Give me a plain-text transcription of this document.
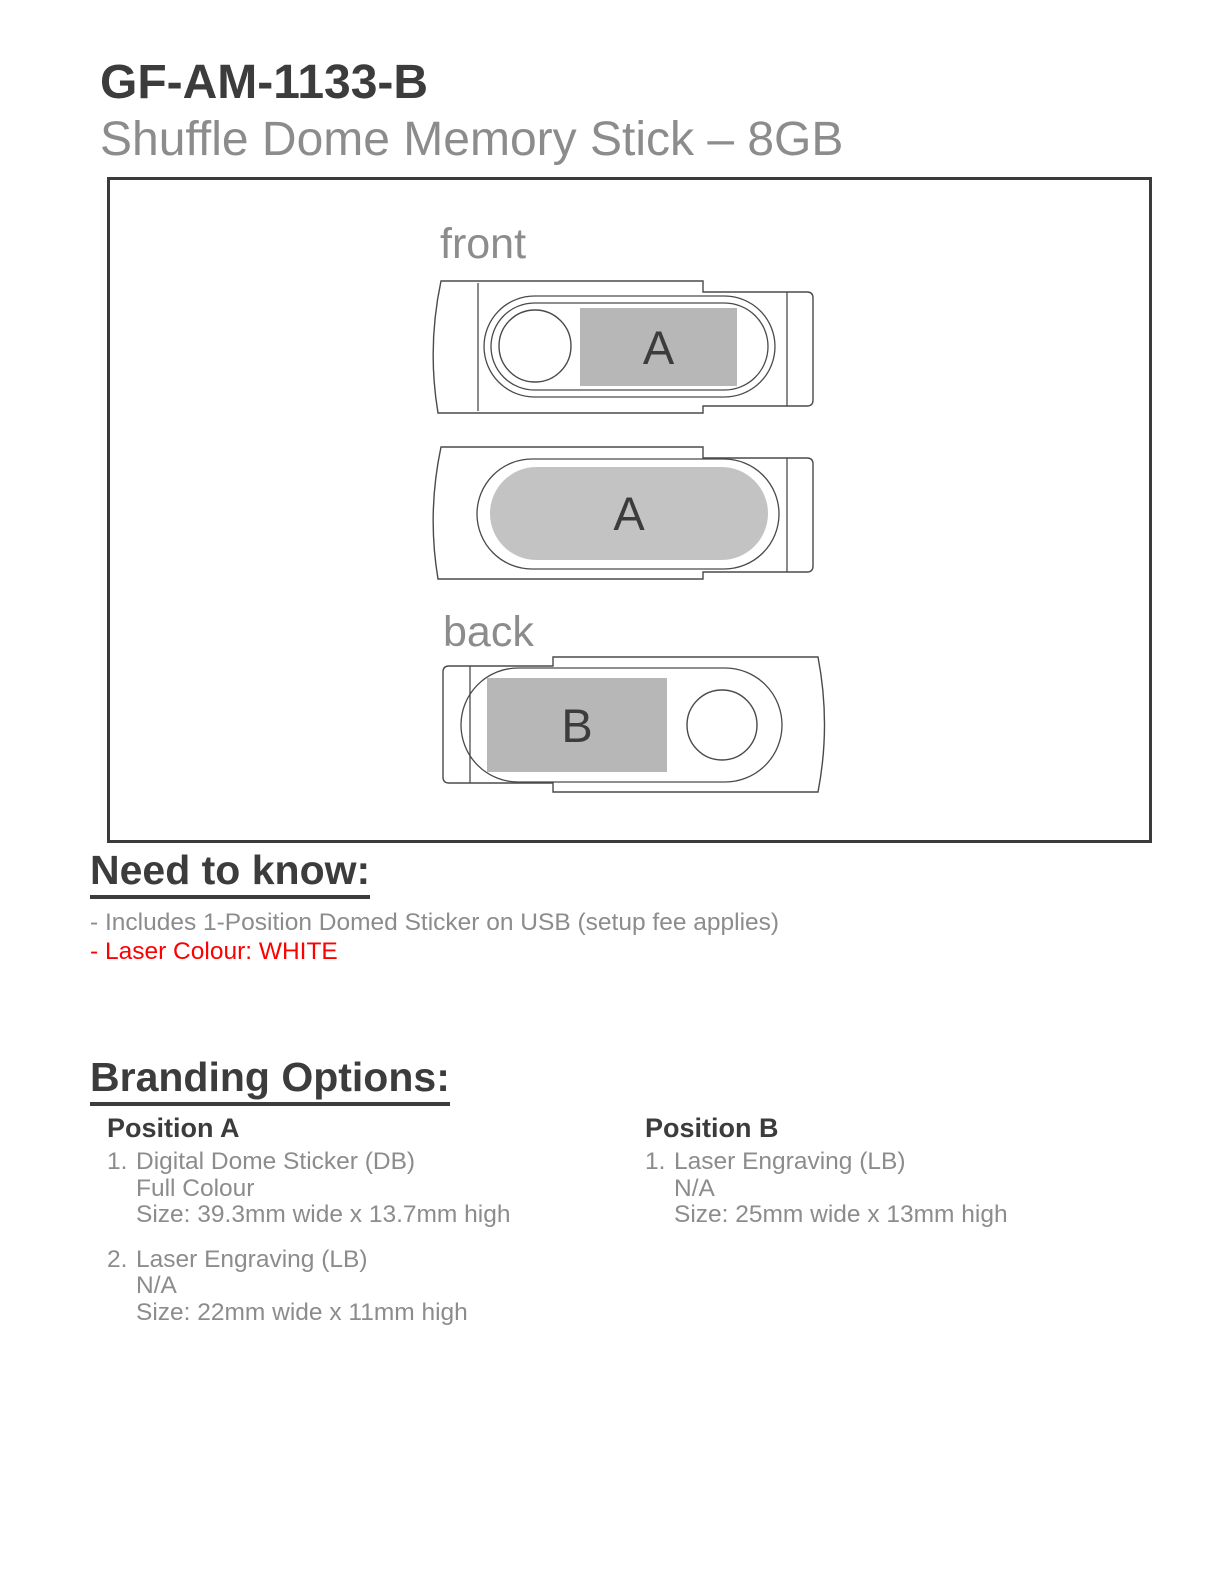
GF-AM-1133-B
Shuffle Dome Memory Stick – 8GB
front
back
A
A
B
Need to know:
- Includes 1-Position Domed Sticker on USB (setup fee applies)
- Laser Colour: WHITE
Branding Options:
Position A
1. Digital Dome Sticker (DB)
Full Colour
Size: 39.3mm wide x 13.7mm high
2. Laser Engraving (LB)
N/A
Size: 22mm wide x 11mm high
Position B
1. Laser Engraving (LB)
N/A
Size: 25mm wide x 13mm high
